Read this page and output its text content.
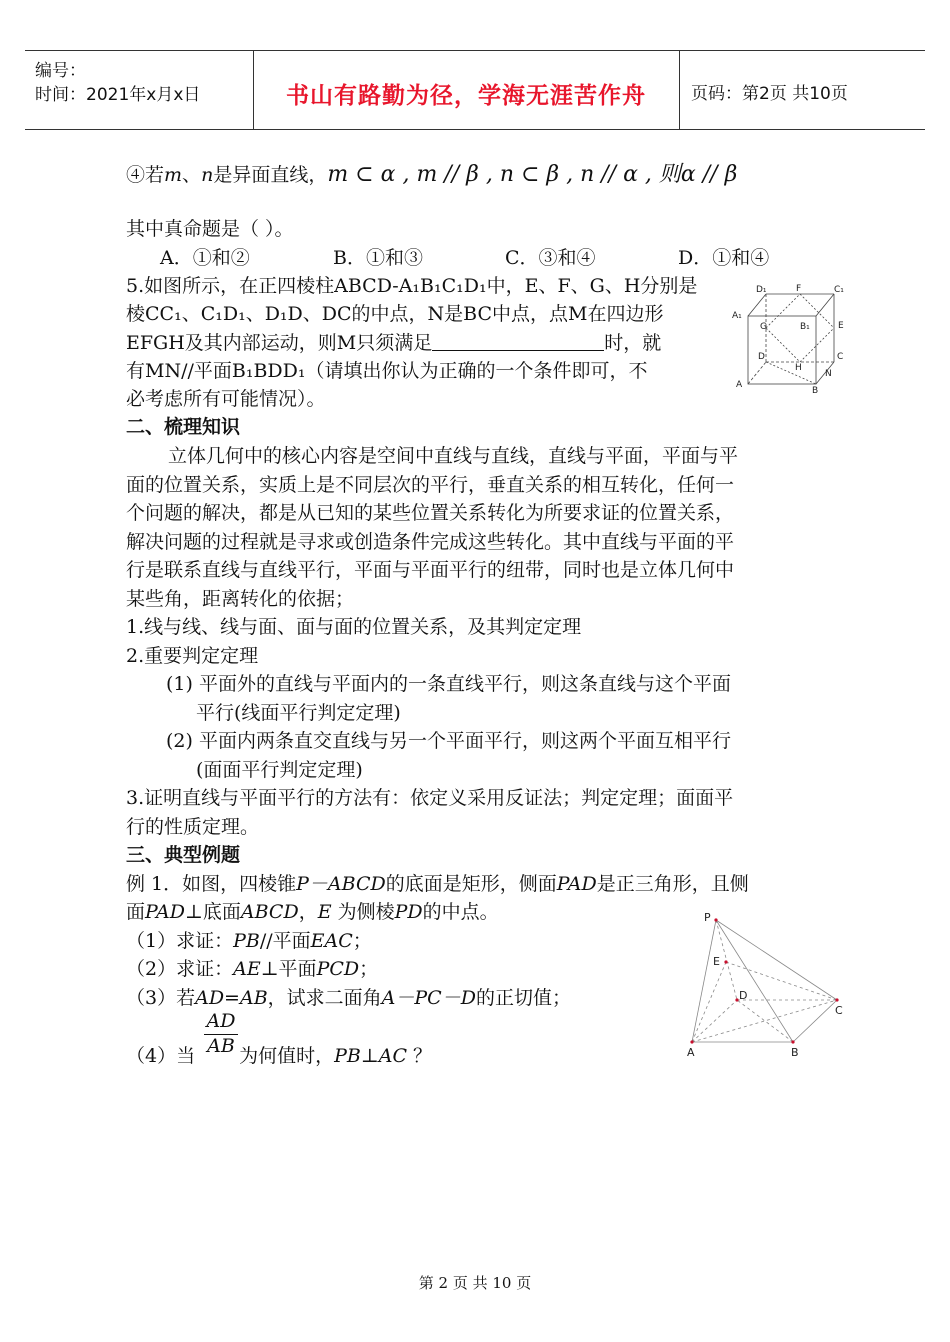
编号：
时间：2021年x月x日	书山有路勤为径，学海无涯苦作舟	页码：第2页 共10页
④若m、n是异面直线，m ⊂ α , m // β , n ⊂ β , n // α , 则α // β
其中真命题是（ ）。
A．①和②	B．①和③	C．③和④	D．①和④
5.如图所示，在正四棱柱ABCD-A₁B₁C₁D₁中，E、F、G、H分别是
棱CC₁、C₁D₁、D₁D、DC的中点，N是BC中点，点M在四边形
EFGH及其内部运动，则M只须满足	时，就
有MN//平面B₁BDD₁（请填出你认为正确的一个条件即可，不
必考虑所有可能情况）。
D₁	F	C₁
A₁
G	B₁	E
D	C
H
N
A
B
二、梳理知识
立体几何中的核心内容是空间中直线与直线，直线与平面，平面与平
面的位置关系，实质上是不同层次的平行，垂直关系的相互转化，任何一
个问题的解决，都是从已知的某些位置关系转化为所要求证的位置关系，
解决问题的过程就是寻求或创造条件完成这些转化。其中直线与平面的平
行是联系直线与直线平行，平面与平面平行的纽带，同时也是立体几何中
某些角，距离转化的依据；
1.线与线、线与面、面与面的位置关系，及其判定定理
2.重要判定定理
(1) 平面外的直线与平面内的一条直线平行，则这条直线与这个平面
平行(线面平行判定定理)
(2) 平面内两条直交直线与另一个平面平行，则这两个平面互相平行
(面面平行判定定理)
3.证明直线与平面平行的方法有：依定义采用反证法；判定定理；面面平
行的性质定理。
三、典型例题
例 1．如图，四棱锥P－ABCD的底面是矩形，侧面PAD是正三角形，且侧
面PAD⊥底面ABCD，E 为侧棱PD的中点。
（1）求证：PB//平面EAC；
（2）求证：AE⊥平面PCD；
（3）若AD=AB，试求二面角A－PC－D的正切值；
$\frac{AD}{AB}$
（4）当 为何值时，PB⊥AC ？
P
E
D
C
A	B
第 2 页 共 10 页
